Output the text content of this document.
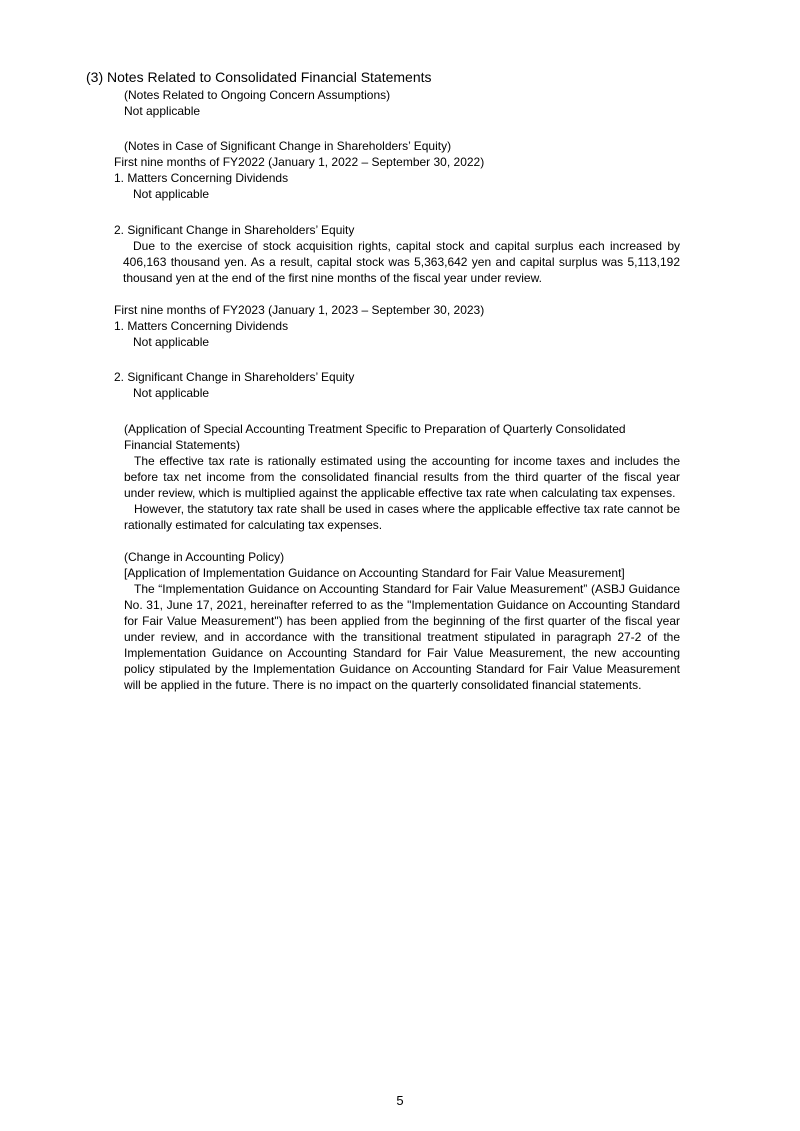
(3) Notes Related to Consolidated Financial Statements

(Notes Related to Ongoing Concern Assumptions)

Not applicable

(Notes in Case of Significant Change in Shareholders’ Equity)

First nine months of FY2022 (January 1, 2022 – September 30, 2022)

1. Matters Concerning Dividends

Not applicable

2. Significant Change in Shareholders’ Equity

Due to the exercise of stock acquisition rights, capital stock and capital surplus each increased by 406,163 thousand yen. As a result, capital stock was 5,363,642 yen and capital surplus was 5,113,192 thousand yen at the end of the first nine months of the fiscal year under review.

First nine months of FY2023 (January 1, 2023 – September 30, 2023)

1. Matters Concerning Dividends

Not applicable

2. Significant Change in Shareholders’ Equity

Not applicable

(Application of Special Accounting Treatment Specific to Preparation of Quarterly Consolidated

Financial Statements)

The effective tax rate is rationally estimated using the accounting for income taxes and includes the before tax net income from the consolidated financial results from the third quarter of the fiscal year under review, which is multiplied against the applicable effective tax rate when calculating tax expenses.

However, the statutory tax rate shall be used in cases where the applicable effective tax rate cannot be rationally estimated for calculating tax expenses.

(Change in Accounting Policy)

[Application of Implementation Guidance on Accounting Standard for Fair Value Measurement]

The “Implementation Guidance on Accounting Standard for Fair Value Measurement” (ASBJ Guidance No. 31, June 17, 2021, hereinafter referred to as the "Implementation Guidance on Accounting Standard for Fair Value Measurement") has been applied from the beginning of the first quarter of the fiscal year under review, and in accordance with the transitional treatment stipulated in paragraph 27-2 of the Implementation Guidance on Accounting Standard for Fair Value Measurement, the new accounting policy stipulated by the Implementation Guidance on Accounting Standard for Fair Value Measurement will be applied in the future. There is no impact on the quarterly consolidated financial statements.

5
